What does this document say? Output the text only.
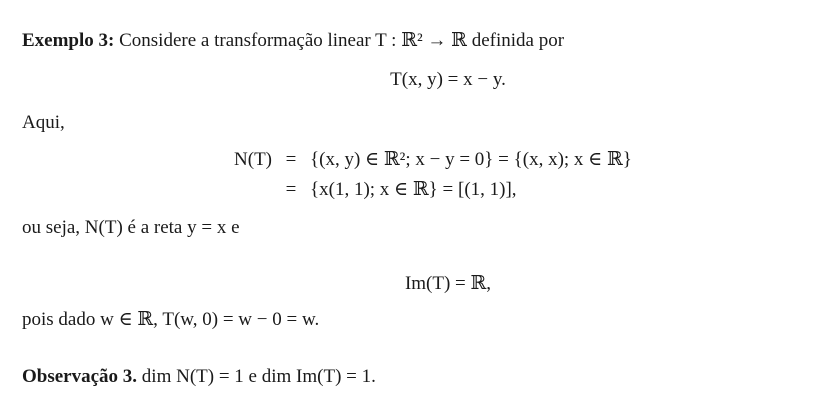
Exemplo 3: Considere a transformação linear T : ℝ² → ℝ definida por
T(x, y) = x − y.
Aqui,
N(T) = {(x, y) ∈ ℝ²; x − y = 0} = {(x, x); x ∈ ℝ}
= {x(1, 1); x ∈ ℝ} = [(1, 1)],
ou seja, N(T) é a reta y = x e
Im(T) = ℝ,
pois dado w ∈ ℝ, T(w, 0) = w − 0 = w.
Observação 3. dim N(T) = 1 e dim Im(T) = 1.
